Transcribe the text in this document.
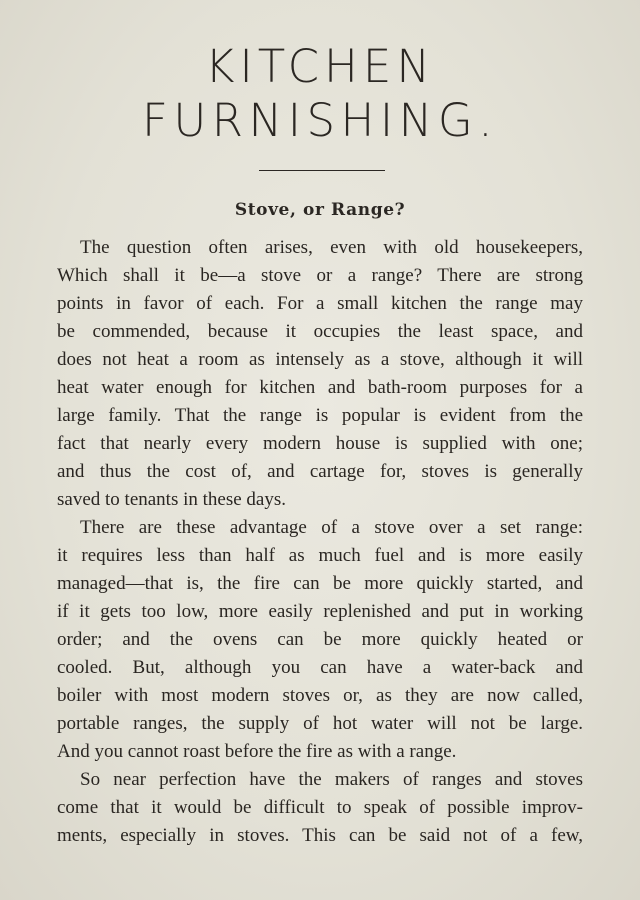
KITCHEN
FURNISHING.
Stove, or Range?
The question often arises, even with old housekeepers,
Which shall it be—a stove or a range? There are strong
points in favor of each. For a small kitchen the range may
be commended, because it occupies the least space, and
does not heat a room as intensely as a stove, although it will
heat water enough for kitchen and bath-room purposes for a
large family. That the range is popular is evident from the
fact that nearly every modern house is supplied with one;
and thus the cost of, and cartage for, stoves is generally
saved to tenants in these days.
There are these advantage of a stove over a set range:
it requires less than half as much fuel and is more easily
managed—that is, the fire can be more quickly started, and
if it gets too low, more easily replenished and put in working
order; and the ovens can be more quickly heated or
cooled. But, although you can have a water-back and
boiler with most modern stoves or, as they are now called,
portable ranges, the supply of hot water will not be large.
And you cannot roast before the fire as with a range.
So near perfection have the makers of ranges and stoves
come that it would be difficult to speak of possible improv-
ments, especially in stoves. This can be said not of a few,
